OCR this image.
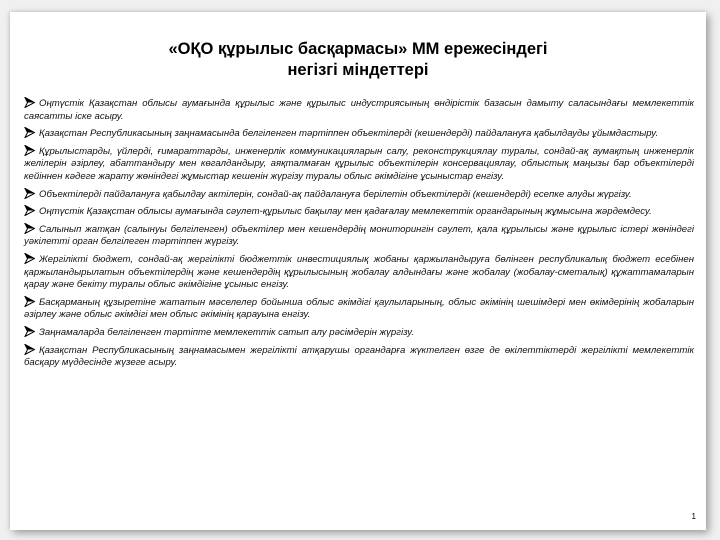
«ОҚО құрылыс басқармасы» ММ ережесіндегі
негізгі міндеттері
Оңтүстік Қазақстан облысы аумағында құрылыс және құрылыс индустриясының өндірістік базасын дамыту саласындағы мемлекеттік саясатты іске асыру.
Қазақстан Республикасының заңнамасында белгіленген тәртіппен объектілерді (кешендерді) пайдалануға қабылдауды ұйымдастыру.
Құрылыстарды, үйлерді, ғимараттарды, инженерлік коммуникацияларын салу, реконструкциялау туралы, сондай-ақ аумақтың инженерлік желілерін әзірлеу, абаттандыру мен көгалдандыру, аяқталмаған құрылыс объектілерін консервациялау, облыстық маңызы бар объектілерді кейіннен кәдеге жарату жөніндегі жұмыстар кешенін жүргізу туралы облыс әкімдігіне ұсыныстар енгізу.
Объектілерді пайдалануға қабылдау актілерін, сондай-ақ пайдалануға берілетін объектілерді (кешендерді) есепке алуды жүргізу.
Оңтүстік Қазақстан облысы аумағында сәулет-құрылыс бақылау мен қадағалау мемлекеттік органдарының жұмысына жәрдемдесу.
Салынып жатқан (салынуы белгіленген) объектілер мен кешендердің мониторингін сәулет, қала құрылысы және құрылыс істері жөніндегі уәкілетті орган белгілеген тәртіппен жүргізу.
Жергілікті бюджет, сондай-ақ жергілікті бюджеттік инвестициялық жобаны қаржыландыруға бөлінген республикалық бюджет есебінен қаржыландырылатын объектілердің және кешендердің құрылысының жобалау алдындағы және жобалау (жобалау-сметалық) құжаттамаларын қарау және бекіту туралы облыс әкімдігіне ұсыныс енгізу.
Басқарманың құзыретіне жататын мәселелер бойынша облыс әкімдігі қаулыларының, облыс әкімінің шешімдері мен өкімдерінің жобаларын әзірлеу және облыс әкімдігі мен облыс әкімінің қарауына енгізу.
Заңнамаларда белгіленген тәртіпте мемлекеттік сатып алу рәсімдерін жүргізу.
Қазақстан Республикасының заңнамасымен жергілікті атқарушы органдарға жүктелген өзге де өкілеттіктерді жергілікті мемлекеттік басқару мүддесінде жүзеге асыру.
1
